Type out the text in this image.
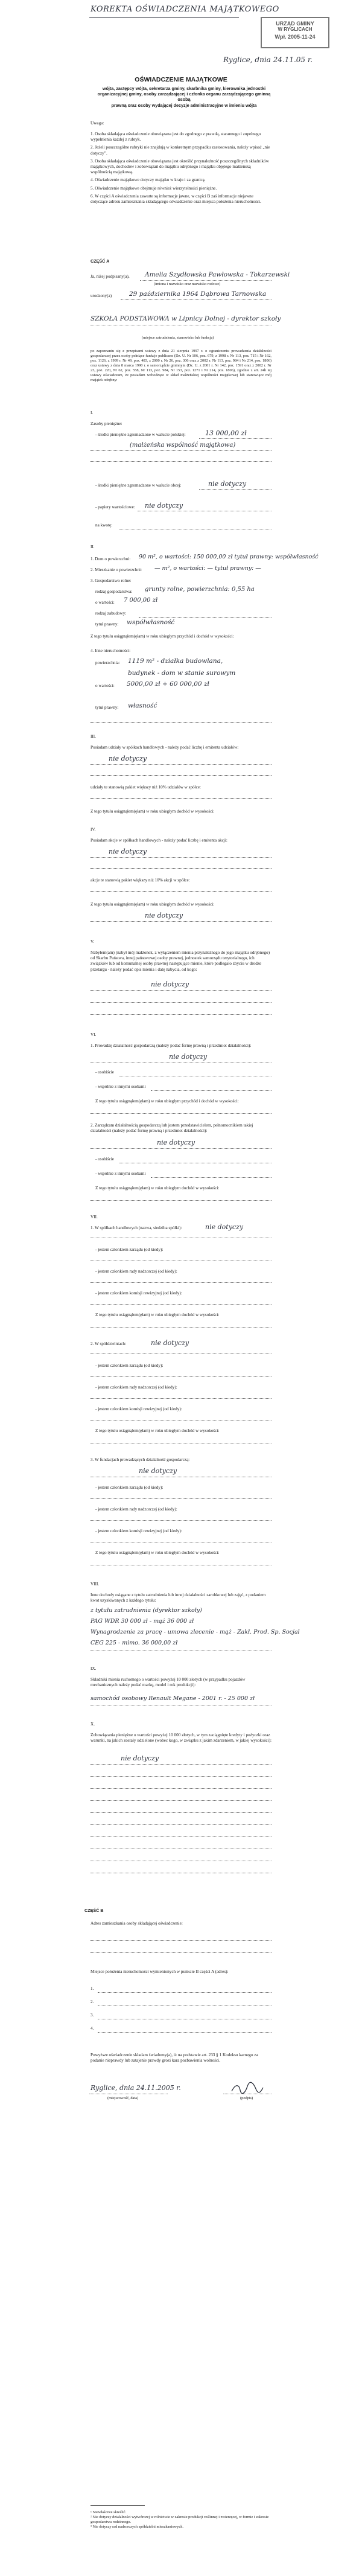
KOREKTA OŚWIADCZENIA MAJĄTKOWEGO
URZĄD GMINY
W RYGLICACH
Wpł. 2005-11-24
Ryglice, dnia 24.11.05 r.
OŚWIADCZENIE MAJĄTKOWE
wójta, zastępcy wójta, sekretarza gminy, skarbnika gminy, kierownika jednostki
organizacyjnej gminy, osoby zarządzającej i członka organu zarządzającego gminną osobą
prawną oraz osoby wydającej decyzje administracyjne w imieniu wójta
Uwaga:
1. Osoba składająca oświadczenie obowiązana jest do zgodnego z prawdą, starannego i zupełnego wypełnienia każdej z rubryk.
2. Jeżeli poszczególne rubryki nie znajdują w konkretnym przypadku zastosowania, należy wpisać „nie dotyczy”.
3. Osoba składająca oświadczenie obowiązana jest określić przynależność poszczególnych składników majątkowych, dochodów i zobowiązań do majątku odrębnego i majątku objętego małżeńską wspólnością majątkową.
4. Oświadczenie majątkowe dotyczy majątku w kraju i za granicą.
5. Oświadczenie majątkowe obejmuje również wierzytelności pieniężne.
6. W części A oświadczenia zawarte są informacje jawne, w części B zaś informacje niejawne dotyczące adresu zamieszkania składającego oświadczenie oraz miejsca położenia nieruchomości.
CZĘŚĆ A
Ja, niżej podpisany(a), Amelia Szydłowska Pawłowska - Tokarzewski
(imiona i nazwisko oraz nazwisko rodowe)
urodzony(a)	29 października 1964 Dąbrowa Tarnowska
SZKOŁA PODSTAWOWA w Lipnicy Dolnej - dyrektor szkoły
(miejsce zatrudnienia, stanowisko lub funkcja)
po zapoznaniu się z przepisami ustawy z dnia 21 sierpnia 1997 r. o ograniczeniu prowadzenia działalności gospodarczej przez osoby pełniące funkcje publiczne (Dz. U. Nr 106, poz. 679, z 1998 r. Nr 113, poz. 715 i Nr 162, poz. 1126, z 1999 r. Nr 49, poz. 483, z 2000 r. Nr 26, poz. 306 oraz z 2002 r. Nr 113, poz. 984 i Nr 214, poz. 1806) oraz ustawy z dnia 8 marca 1990 r. o samorządzie gminnym (Dz. U. z 2001 r. Nr 142, poz. 1591 oraz z 2002 r. Nr 23, poz. 220, Nr 62, poz. 558, Nr 113, poz. 984, Nr 153, poz. 1271 i Nr 214, poz. 1806), zgodnie z art. 24h tej ustawy oświadczam, że posiadam wchodzące w skład małżeńskiej wspólności majątkowej lub stanowiące mój majątek odrębny:
I.
Zasoby pieniężne:
- środki pieniężne zgromadzone w walucie polskiej:	13 000,00 zł
(małżeńska wspólność majątkowa)
- środki pieniężne zgromadzone w walucie obcej:	nie dotyczy
- papiery wartościowe: nie dotyczy
na kwotę:
II.
1. Dom o powierzchni: 90 m², o wartości: 150 000,00 zł tytuł prawny: współwłasność
2. Mieszkanie o powierzchni: — m², o wartości: — tytuł prawny: —
3. Gospodarstwo rolne:
rodzaj gospodarstwa: grunty rolne, powierzchnia: 0,55 ha
o wartości: 7 000,00 zł
rodzaj zabudowy:
tytuł prawny: współwłasność
Z tego tytułu osiągnąłem(ęłam) w roku ubiegłym przychód i dochód w wysokości:
4. Inne nieruchomości:
powierzchnia: 1119 m² - działka budowlana,
budynek - dom w stanie surowym
o wartości: 5000,00 zł + 60 000,00 zł
tytuł prawny: własność
III.
Posiadam udziały w spółkach handlowych - należy podać liczbę i emitenta udziałów:
nie dotyczy
udziały te stanowią pakiet większy niż 10% udziałów w spółce:
Z tego tytułu osiągnąłem(ęłam) w roku ubiegłym dochód w wysokości:
IV.
Posiadam akcje w spółkach handlowych - należy podać liczbę i emitenta akcji:
nie dotyczy
akcje te stanowią pakiet większy niż 10% akcji w spółce:
Z tego tytułu osiągnąłem(ęłam) w roku ubiegłym dochód w wysokości:
nie dotyczy
V.
Nabyłem(am) (nabył mój małżonek, z wyłączeniem mienia przynależnego do jego majątku odrębnego) od Skarbu Państwa, innej państwowej osoby prawnej, jednostek samorządu terytorialnego, ich związków lub od komunalnej osoby prawnej następujące mienie, które podlegało zbyciu w drodze przetargu - należy podać opis mienia i datę nabycia, od kogo:
nie dotyczy
VI.
1. Prowadzę działalność gospodarczą (należy podać formę prawną i przedmiot działalności):
nie dotyczy
- osobiście
- wspólnie z innymi osobami
Z tego tytułu osiągnąłem(ęłam) w roku ubiegłym przychód i dochód w wysokości:
2. Zarządzam działalnością gospodarczą lub jestem przedstawicielem, pełnomocnikiem takiej działalności (należy podać formę prawną i przedmiot działalności):
nie dotyczy
- osobiście
- wspólnie z innymi osobami
Z tego tytułu osiągnąłem(ęłam) w roku ubiegłym dochód w wysokości:
VII.
1. W spółkach handlowych (nazwa, siedziba spółki):	nie dotyczy
- jestem członkiem zarządu (od kiedy):
- jestem członkiem rady nadzorczej (od kiedy):
- jestem członkiem komisji rewizyjnej (od kiedy):
Z tego tytułu osiągnąłem(ęłam) w roku ubiegłym dochód w wysokości:
2. W spółdzielniach:	nie dotyczy
- jestem członkiem zarządu (od kiedy):
- jestem członkiem rady nadzorczej (od kiedy):
- jestem członkiem komisji rewizyjnej (od kiedy):
Z tego tytułu osiągnąłem(ęłam) w roku ubiegłym dochód w wysokości:
3. W fundacjach prowadzących działalność gospodarczą:
nie dotyczy
- jestem członkiem zarządu (od kiedy):
- jestem członkiem rady nadzorczej (od kiedy):
- jestem członkiem komisji rewizyjnej (od kiedy):
Z tego tytułu osiągnąłem(ęłam) w roku ubiegłym dochód w wysokości:
VIII.
Inne dochody osiągane z tytułu zatrudnienia lub innej działalności zarobkowej lub zajęć, z podaniem kwot uzyskiwanych z każdego tytułu:
z tytułu zatrudnienia (dyrektor szkoły)
PAG WDR 30 000 zł - mąż 36 000 zł
Wynagrodzenie za pracę - umowa zlecenie - mąż - Zakł. Prod. Sp. Socjal
CEG 225 - mimo. 36 000,00 zł
IX.
Składniki mienia ruchomego o wartości powyżej 10 000 złotych (w przypadku pojazdów mechanicznych należy podać markę, model i rok produkcji):
samochód osobowy Renault Megane - 2001 r. - 25 000 zł
X.
Zobowiązania pieniężne o wartości powyżej 10 000 złotych, w tym zaciągnięte kredyty i pożyczki oraz warunki, na jakich zostały udzielone (wobec kogo, w związku z jakim zdarzeniem, w jakiej wysokości):
nie dotyczy
CZĘŚĆ B
Adres zamieszkania osoby składającej oświadczenie:
Miejsce położenia nieruchomości wymienionych w punkcie II części A (adres):
1.
2.
3.
4.
Powyższe oświadczenie składam świadomy(a), iż na podstawie art. 233 § 1 Kodeksu karnego za podanie nieprawdy lub zatajenie prawdy grozi kara pozbawienia wolności.
Ryglice, dnia 24.11.2005 r.
(miejscowość, data)	(podpis)
¹ Niewłaściwe skreślić.
² Nie dotyczy działalności wytwórczej w rolnictwie w zakresie produkcji roślinnej i zwierzęcej, w formie i zakresie gospodarstwa rodzinnego.
³ Nie dotyczy rad nadzorczych spółdzielni mieszkaniowych.
